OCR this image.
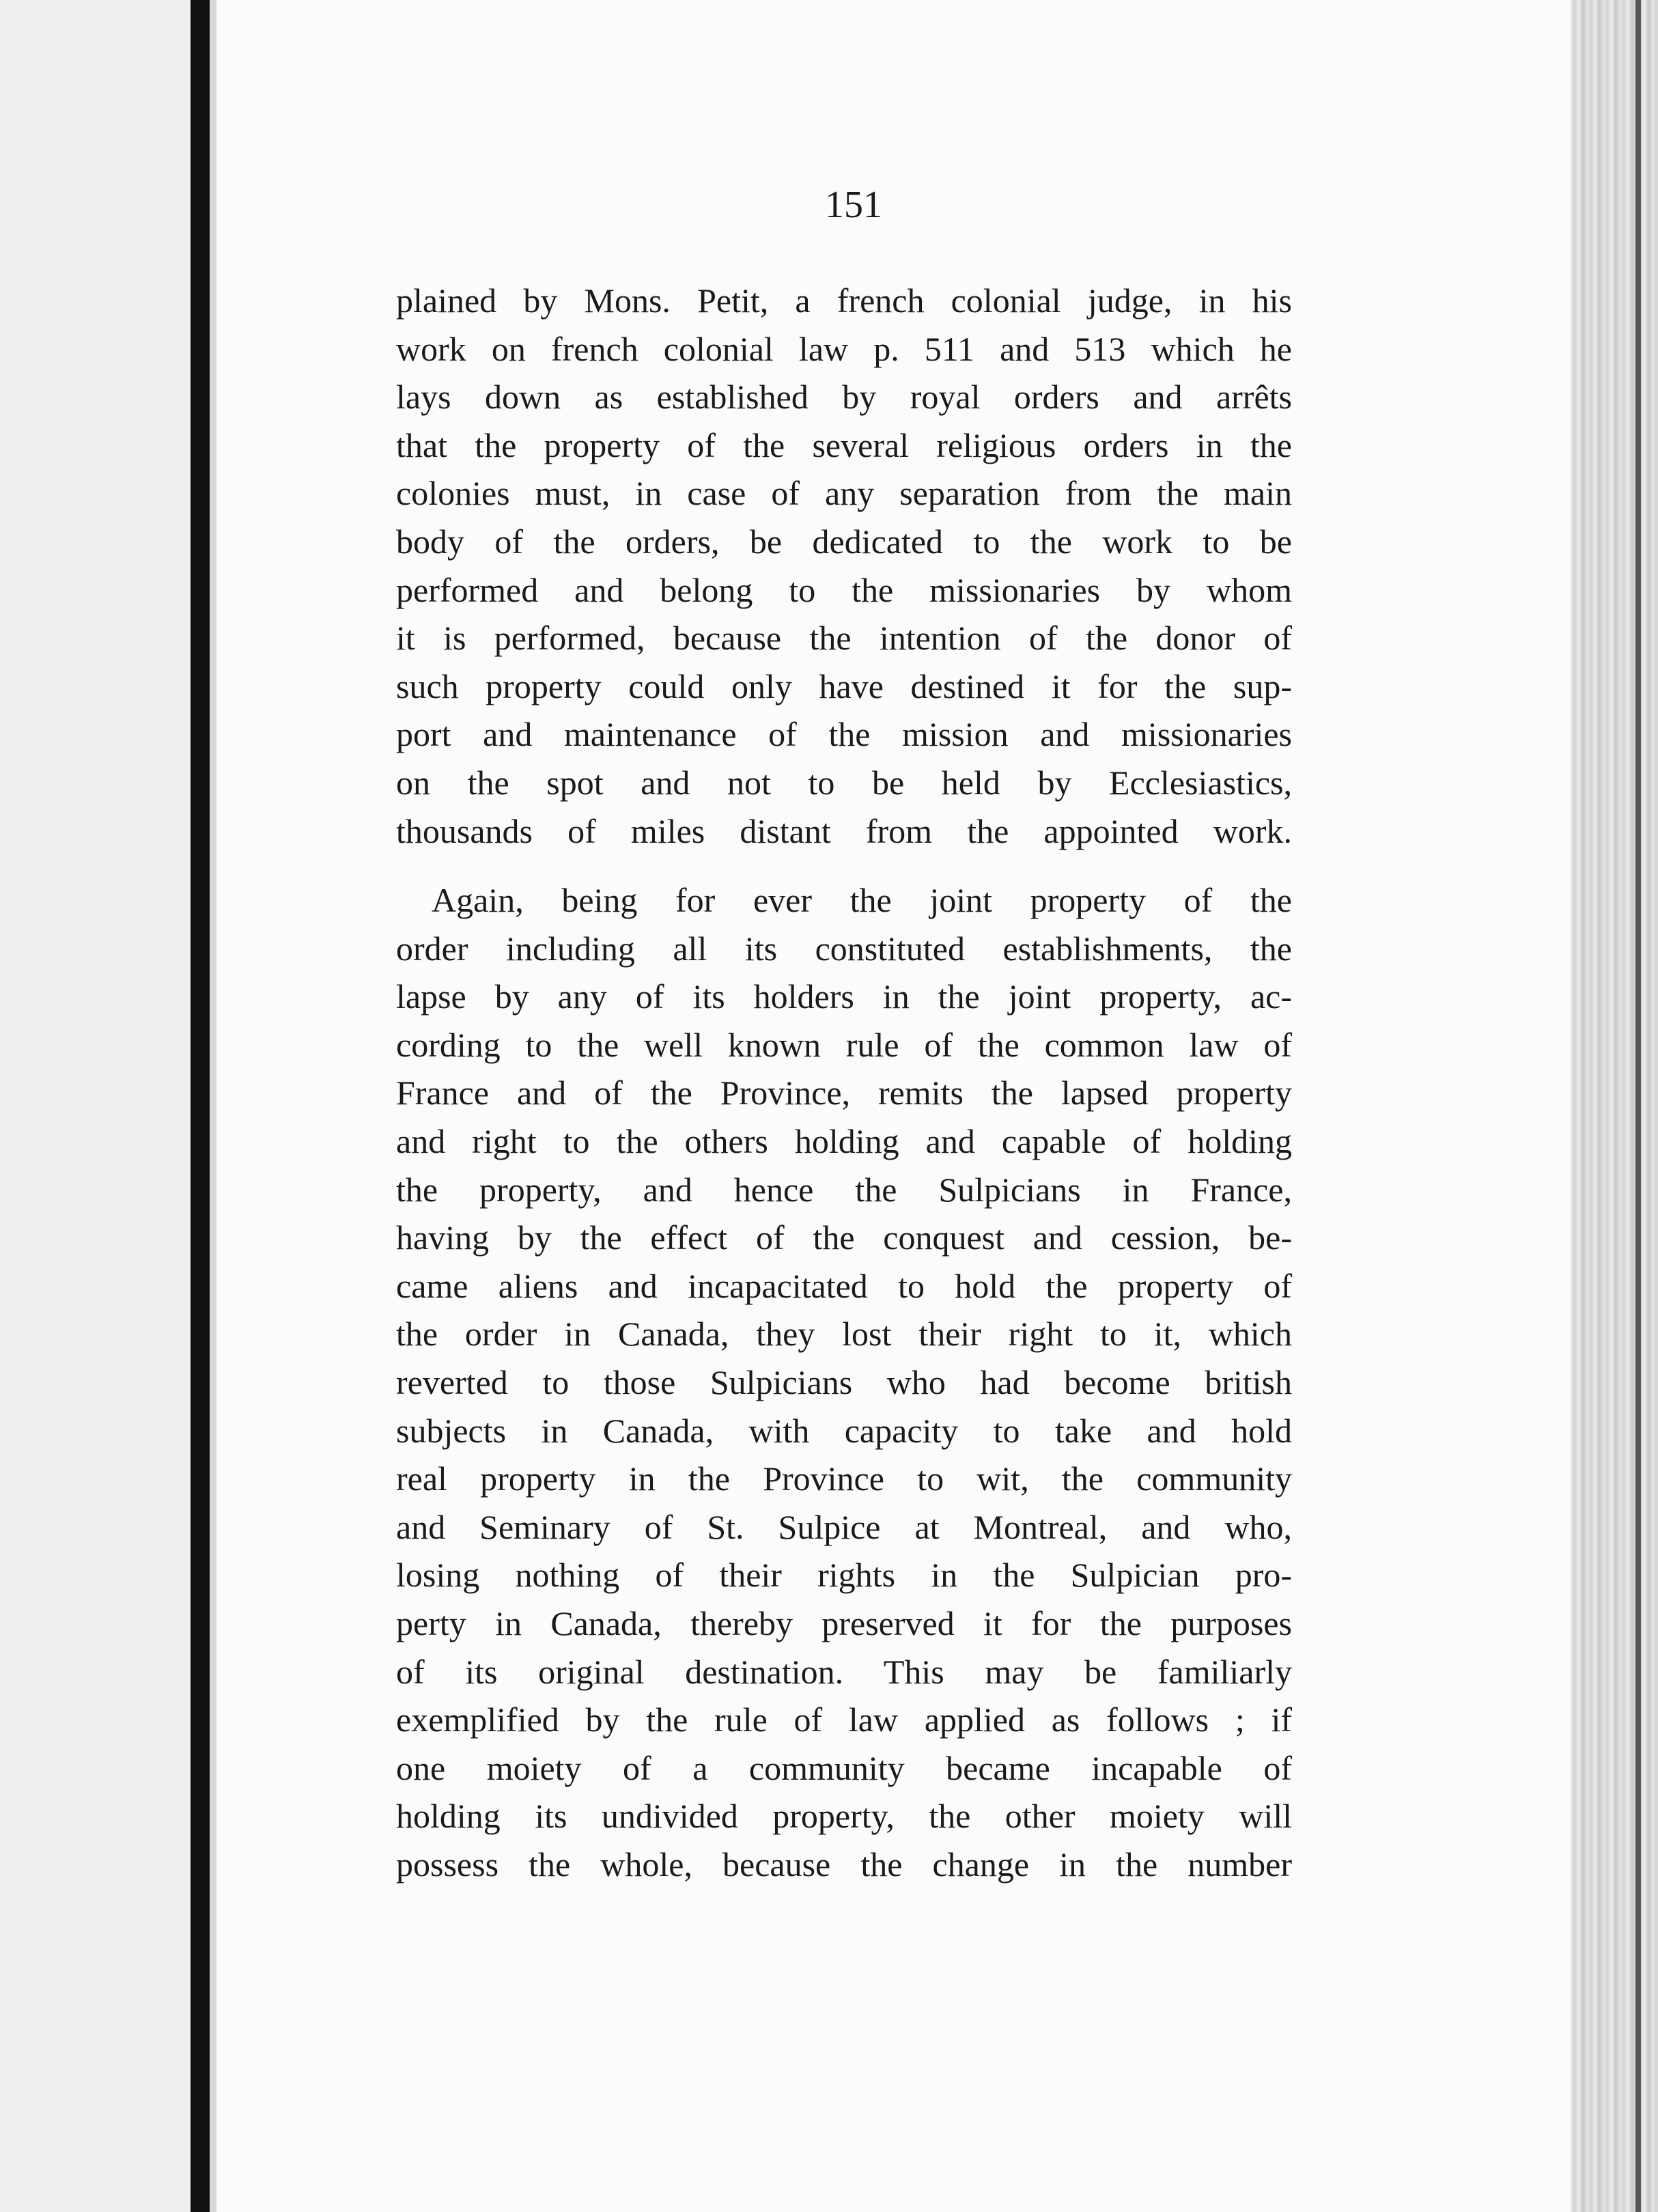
151
plained by Mons. Petit, a french colonial judge, in his
work on french colonial law p. 511 and 513 which he
lays down as established by royal orders and arrêts
that the property of the several religious orders in the
colonies must, in case of any separation from the main
body of the orders, be dedicated to the work to be
performed and belong to the missionaries by whom
it is performed, because the intention of the donor of
such property could only have destined it for the sup-
port and maintenance of the mission and missionaries
on the spot and not to be held by Ecclesiastics,
thousands of miles distant from the appointed work.
Again, being for ever the joint property of the
order including all its constituted establishments, the
lapse by any of its holders in the joint property, ac-
cording to the well known rule of the common law of
France and of the Province, remits the lapsed property
and right to the others holding and capable of holding
the property, and hence the Sulpicians in France,
having by the effect of the conquest and cession, be-
came aliens and incapacitated to hold the property of
the order in Canada, they lost their right to it, which
reverted to those Sulpicians who had become british
subjects in Canada, with capacity to take and hold
real property in the Province to wit, the community
and Seminary of St. Sulpice at Montreal, and who,
losing nothing of their rights in the Sulpician pro-
perty in Canada, thereby preserved it for the purposes
of its original destination. This may be familiarly
exemplified by the rule of law applied as follows ; if
one moiety of a community became incapable of
holding its undivided property, the other moiety will
possess the whole, because the change in the number
